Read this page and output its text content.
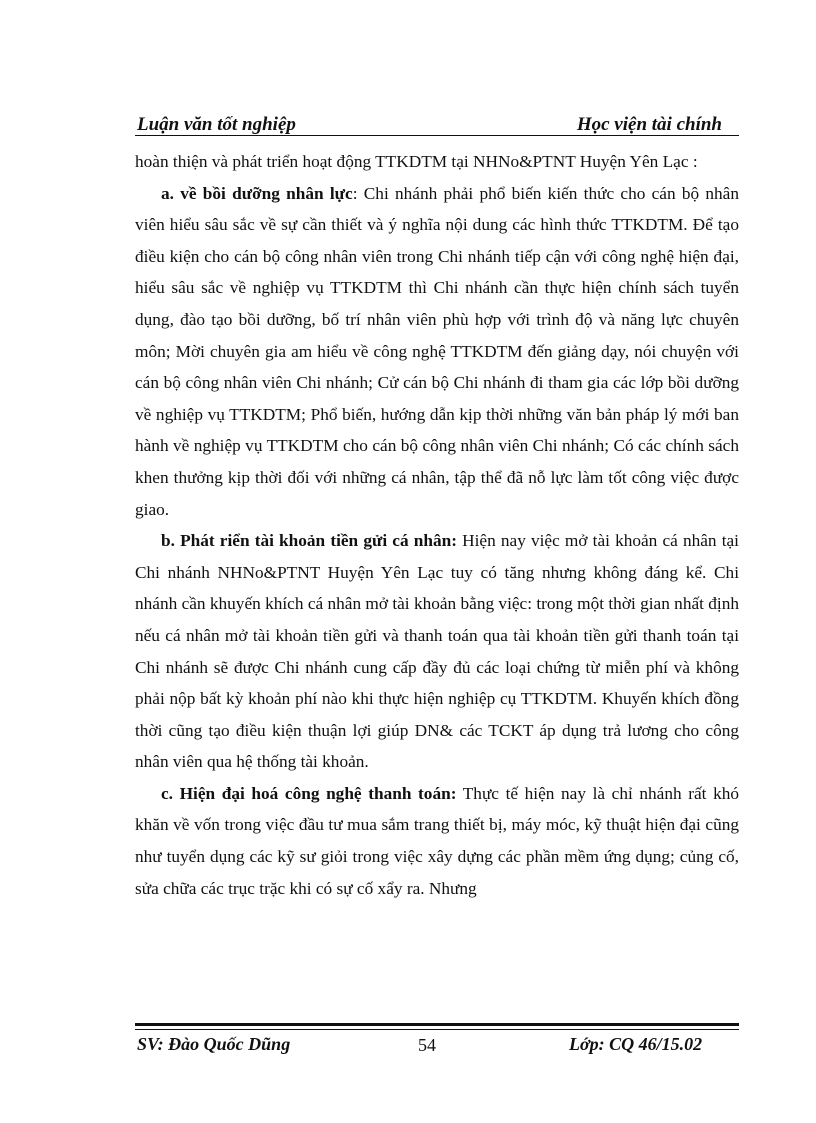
Luận văn tốt nghiệp	Học viện tài chính

hoàn thiện và phát triển hoạt động TTKDTM tại NHNo&PTNT Huyện Yên Lạc :

a. về bồi dưỡng nhân lực: Chi nhánh phải phổ biến kiến thức cho cán bộ nhân viên hiểu sâu sắc về sự cần thiết và ý nghĩa nội dung các hình thức TTKDTM. Để tạo điều kiện cho cán bộ công nhân viên trong Chi nhánh tiếp cận với công nghệ hiện đại, hiểu sâu sắc về nghiệp vụ TTKDTM thì Chi nhánh cần thực hiện chính sách tuyển dụng, đào tạo bồi dưỡng, bố trí nhân viên phù hợp với trình độ và năng lực chuyên môn; Mời chuyên gia am hiểu về công nghệ TTKDTM đến giảng dạy, nói chuyện với cán bộ công nhân viên Chi nhánh; Cử cán bộ Chi nhánh đi tham gia các lớp bồi dưỡng về nghiệp vụ TTKDTM; Phổ biến, hướng dẫn kịp thời những văn bản pháp lý mới ban hành về nghiệp vụ TTKDTM cho cán bộ công nhân viên Chi nhánh; Có các chính sách khen thưởng kịp thời đối với những cá nhân, tập thể đã nỗ lực làm tốt công việc được giao.

b. Phát riển tài khoản tiền gửi cá nhân: Hiện nay việc mở tài khoản cá nhân tại Chi nhánh NHNo&PTNT Huyện Yên Lạc tuy có tăng nhưng không đáng kể. Chi nhánh cần khuyến khích cá nhân mở tài khoản bằng việc: trong một thời gian nhất định nếu cá nhân mở tài khoản tiền gửi và thanh toán qua tài khoản tiền gửi thanh toán tại Chi nhánh sẽ được Chi nhánh cung cấp đầy đủ các loại chứng từ miễn phí và không phải nộp bất kỳ khoản phí nào khi thực hiện nghiệp cụ TTKDTM. Khuyến khích đồng thời cũng tạo điều kiện thuận lợi giúp DN& các TCKT áp dụng trả lương cho công nhân viên qua hệ thống tài khoản.

c. Hiện đại hoá công nghệ thanh toán: Thực tế hiện nay là chỉ nhánh rất khó khăn về vốn trong việc đầu tư mua sắm trang thiết bị, máy móc, kỹ thuật hiện đại cũng như tuyển dụng các kỹ sư giỏi trong việc xây dựng các phần mềm ứng dụng; củng cố, sửa chữa các trục trặc khi có sự cố xẩy ra. Nhưng

SV: Đào Quốc Dũng	54	Lớp: CQ 46/15.02
